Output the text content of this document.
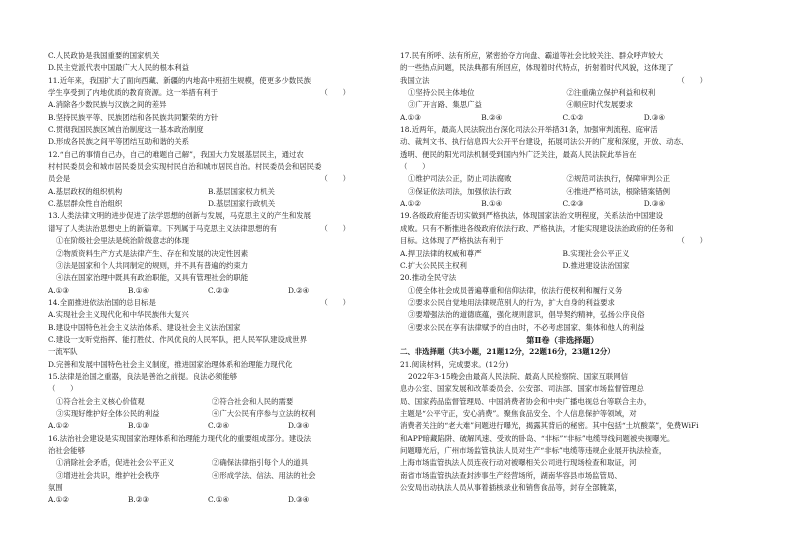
C.人民政协是我国重要的国家机关
D.民主党派代表中国最广大人民的根本利益
11.近年来，我国扩大了面向西藏、新疆的内地高中班招生规模，使更多少数民族
（　　）
学生享受到了内地优质的教育资源。这一举措有利于
A.消除各少数民族与汉族之间的差异
B.坚持民族平等、民族团结和各民族共同繁荣的方针
C.贯彻我国民族区域自治制度这一基本政治制度
D.形成各民族之间平等团结互助和谐的关系
12.“自己的事情自己办，自己的难题自己解”，我国大力发展基层民主，通过农
村村民委员会和城市居民委员会实现村民自治和城市居民自治。村民委员会和居民委
（　　）
员会是
A.基层政权的组织机构	B.基层国家权力机关
C.基层群众性自治组织	D.基层国家行政机关
13.人类法律文明的进步促进了法学思想的创新与发展，马克思主义的产生和发展
（　　）
谱写了人类法治思想史上的新篇章。下列属于马克思主义法律思想的有
①在阶级社会里法是统治阶级意志的体现
②物质资料生产方式是法律产生、存在和发展的决定性因素
③法是国家和个人共同制定的规则，并不具有普遍的约束力
④法在国家治理中既具有政治职能，又具有管理社会的职能
A.①③	B.①④	C.②③	D.②④
（　　）
14.全面推进依法治国的总目标是
A.实现社会主义现代化和中华民族伟大复兴
B.建设中国特色社会主义法治体系、建设社会主义法治国家
C.建设一支听党指挥、能打胜仗、作风优良的人民军队，把人民军队建设成世界
一流军队
D.完善和发展中国特色社会主义制度，推进国家治理体系和治理能力现代化
15.法律是治国之重器，良法是善治之前提。良法必须能够
（　　）
①符合社会主义核心价值观	②符合社会和人民的需要
③实现好维护好全体公民的利益	④广大公民有序参与立法的权利
A.①②	B.①③	C.②④	D.③④
16.法治社会建设是实现国家治理体系和治理能力现代化的重要组成部分。建设法
治社会能够
①消除社会矛盾，促进社会公平正义	②确保法律指引每个人的道具
③增进社会共识，维护社会秩序	④形成学法、信法、用法的社会
氛围
A.①②	B.②③	C.①④	D.③④
17.民有所呼、法有所应，紧密抬夺方向盘、霸道等社会比较关注、群众呼声较大
的一些热点问题，民法典都有所回应，体现着时代特点，折射着时代风貌，这体现了
（　　）
我国立法
①坚持公民主体地位	②注重确立保护利益和权利
③广开言路、集思广益	④顺应时代发展要求
A.①③	B.②④	C.①②	D.③④
18.近两年，最高人民法院出台深化司法公开举措31条，加强审判流程、庭审活
动、裁判文书、执行信息四大公开平台建设，拓展司法公开的广度和深度，开放、动态、
透明、便民的阳光司法机制受到国内外广泛关注，最高人民法院此举旨在
（　　）
①维护司法公正，防止司法腐败	②规范司法执行，保障审判公正
③保证依法司法，加强依法行政	④推进严格司法，根除错案错例
A.①②	B.①④	C.②③	D.③④
19.各级政府能否切实做到严格执法，体现国家法治文明程度，关系法治中国建设
成败。只有不断推进各级政府依法行政、严格执法，才能实现建设法治政府的任务和
（　　）
目标。这体现了严格执法有利于
A.捍卫法律的权威和尊严	B.实现社会公平正义
C.扩大公民民主权利	D.推进建设法治国家
20.推动全民守法
①使全体社会成员普遍尊重和信仰法律，依法行使权利和履行义务
②要求公民自觉地用法律规范别人的行为，扩大自身的利益要求
③要增强法治的道德底蕴，强化规则意识，倡导契约精神，弘扬公序良俗
④要求公民在享有法律赋予的自由时，不必考虑国家、集体和他人的利益
第Ⅱ卷（非选择题）
二、非选择题（共3小题，21题12分，22题16分，23题12分）
21.阅读材料，完成要求。(12分)
2022年3·15晚会由最高人民法院、最高人民检察院、国家互联网信
息办公室、国家发展和改革委员会、公安部、司法部、国家市场监督管理总
局、国家药品监督管理局、中国消费者协会和中央广播电视总台等联合主办，
主题是“公平守正，安心消费”。聚焦食品安全、个人信息保护等领域，对
消费者关注的“老大难”问题进行曝光，揭露其背后的秘密。其中包括“土坑酸菜”，免费WiFi
和APP暗藏陷阱、破解风速、受欢的卧岛、“非标”“非标”电缆导线问题被央视曝光。
问题曝光后，广州市场监管执法人员对生产“非标”电缆等违规企业展开执法检查，
上海市场监管执法人员连夜行动对被曝相关公司进行现场检查和取证，河
南省市场监管执法查封涉事生产经营场所，湖南华容县市场监管局、
公安局出动执法人员从事着插核录业和销售食品等，封存全部腌菜，
